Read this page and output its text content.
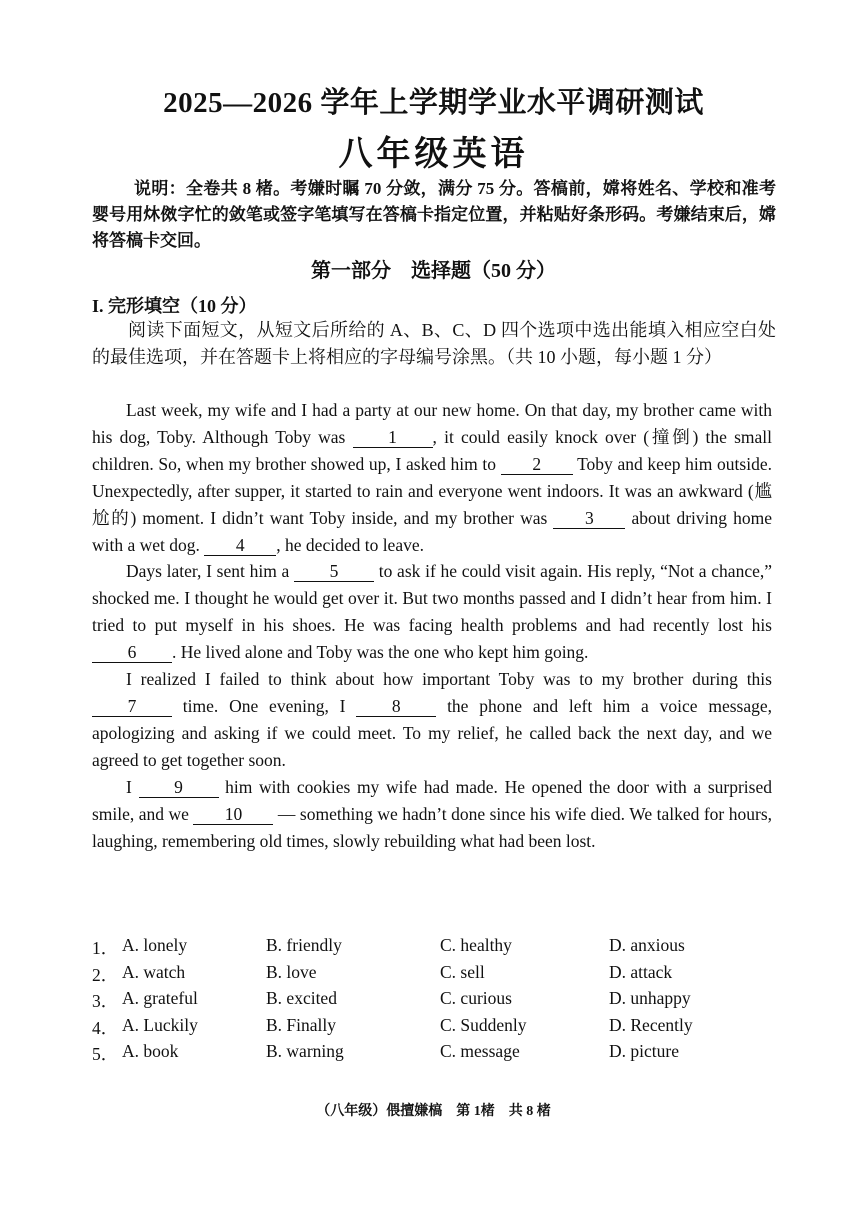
2025—2026 学年上学期学业水平调研测试
八年级英语
说明：全卷共 8 楮。考嫌时瞩 70 分敛，满分 75 分。答槁前，嫦将姓名、学校和准考婴号用炑傚字忙的敛笔或签字笔填写在答槁卡指定位置，并粘贴好条形码。考嫌结束后，嫦将答槁卡交回。
第一部分　选择题（50 分）
I. 完形填空（10 分）
阅读下面短文，从短文后所给的 A、B、C、D 四个选项中选出能填入相应空白处的最佳选项，并在答题卡上将相应的字母编号涂黑。（共 10 小题，每小题 1 分）

Last week, my wife and I had a party at our new home. On that day, my brother came with his dog, Toby. Although Toby was 1 , it could easily knock over (撞倒) the small children. So, when my brother showed up, I asked him to 2 Toby and keep him outside. Unexpectedly, after supper, it started to rain and everyone went indoors. It was an awkward (尴尬的) moment. I didn’t want Toby inside, and my brother was 3 about driving home with a wet dog. 4 , he decided to leave.

Days later, I sent him a 5 to ask if he could visit again. His reply, “Not a chance,” shocked me. I thought he would get over it. But two months passed and I didn’t hear from him. I tried to put myself in his shoes. He was facing health problems and had recently lost his 6 . He lived alone and Toby was the one who kept him going.

I realized I failed to think about how important Toby was to my brother during this 7 time. One evening, I 8 the phone and left him a voice message, apologizing and asking if we could meet. To my relief, he called back the next day, and we agreed to get together soon.

I 9 him with cookies my wife had made. He opened the door with a surprised smile, and we 10 — something we hadn’t done since his wife died. We talked for hours, laughing, remembering old times, slowly rebuilding what had been lost.

1． A. lonely	B. friendly	C. healthy	D. anxious
2． A. watch	B. love	C. sell	D. attack
3． A. grateful	B. excited	C. curious	D. unhappy
4． A. Luckily	B. Finally	C. Suddenly	D. Recently
5． A. book	B. warning	C. message	D. picture
（八年级）偎擅嫌槁　第 1楮　共 8 楮
